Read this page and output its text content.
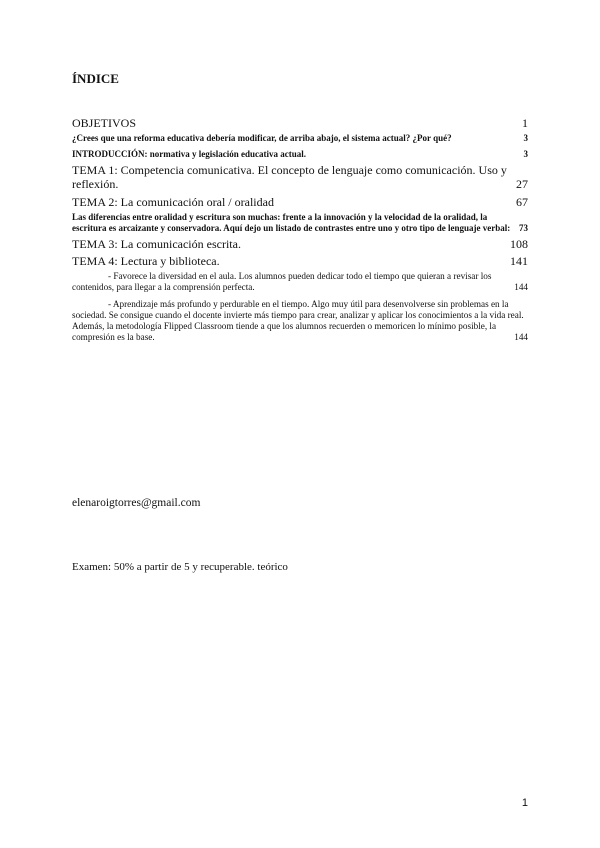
ÍNDICE
OBJETIVOS	1
¿Crees que una reforma educativa debería modificar, de arriba abajo, el sistema actual? ¿Por qué?	3
INTRODUCCIÓN: normativa y legislación educativa actual.	3
TEMA 1: Competencia comunicativa. El concepto de lenguaje como comunicación. Uso y reflexión.	27
TEMA 2: La comunicación oral / oralidad	67
Las diferencias entre oralidad y escritura son muchas: frente a la innovación y la velocidad de la oralidad, la escritura es arcaizante y conservadora. Aquí dejo un listado de contrastes entre uno y otro tipo de lenguaje verbal: 73
TEMA 3: La comunicación escrita.	108
TEMA 4: Lectura y biblioteca.	141
- Favorece la diversidad en el aula. Los alumnos pueden dedicar todo el tiempo que quieran a revisar los contenidos, para llegar a la comprensión perfecta.	144
- Aprendizaje más profundo y perdurable en el tiempo. Algo muy útil para desenvolverse sin problemas en la sociedad. Se consigue cuando el docente invierte más tiempo para crear, analizar y aplicar los conocimientos a la vida real. Además, la metodología Flipped Classroom tiende a que los alumnos recuerden o memoricen lo mínimo posible, la compresión es la base.	144
elenaroigtorres@gmail.com
Examen: 50% a partir de 5 y recuperable. teórico
1
